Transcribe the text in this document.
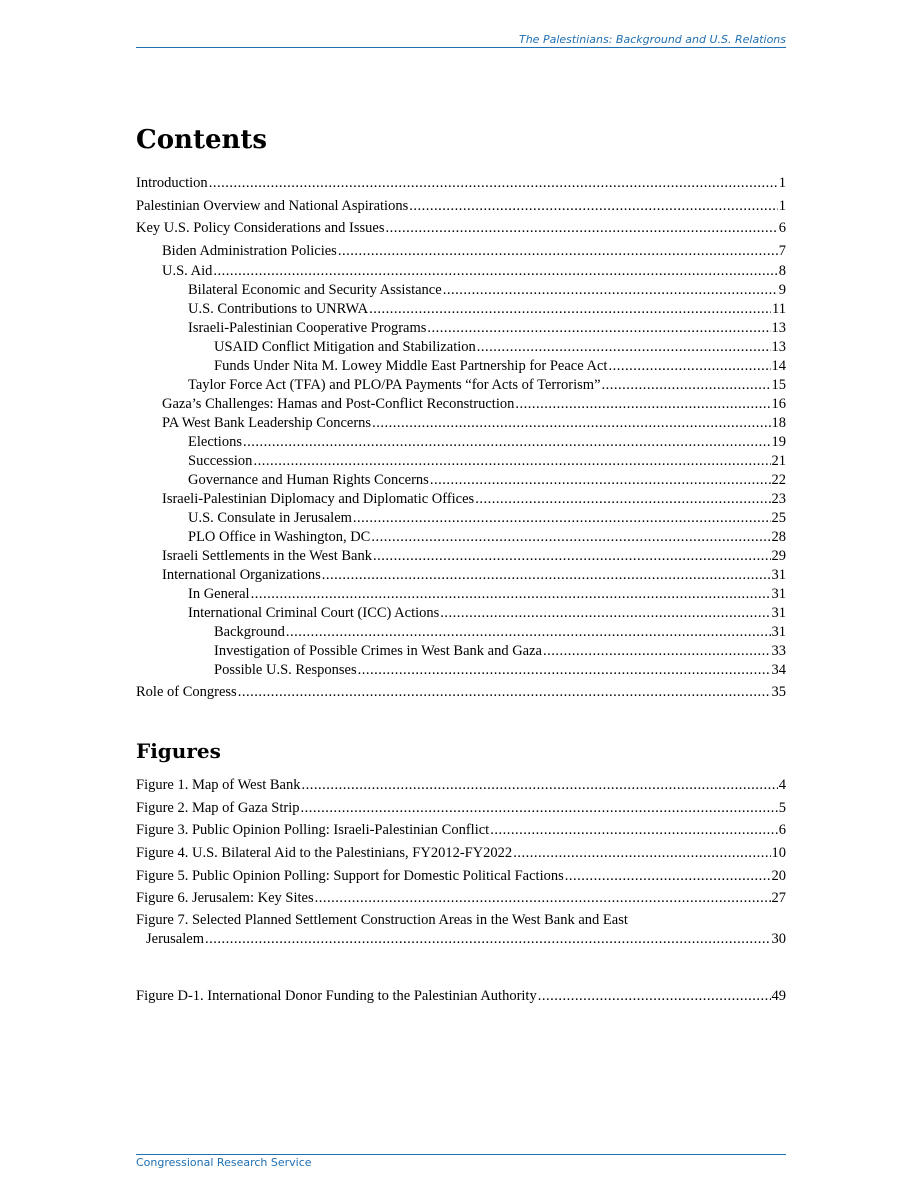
The Palestinians: Background and U.S. Relations
Contents
Introduction .....	1
Palestinian Overview and National Aspirations .....	1
Key U.S. Policy Considerations and Issues .....	6
Biden Administration Policies .....	7
U.S. Aid .....	8
Bilateral Economic and Security Assistance .....	9
U.S. Contributions to UNRWA .....	11
Israeli-Palestinian Cooperative Programs .....	13
USAID Conflict Mitigation and Stabilization .....	13
Funds Under Nita M. Lowey Middle East Partnership for Peace Act .....	14
Taylor Force Act (TFA) and PLO/PA Payments “for Acts of Terrorism” .....	15
Gaza’s Challenges: Hamas and Post-Conflict Reconstruction .....	16
PA West Bank Leadership Concerns .....	18
Elections .....	19
Succession .....	21
Governance and Human Rights Concerns .....	22
Israeli-Palestinian Diplomacy and Diplomatic Offices .....	23
U.S. Consulate in Jerusalem .....	25
PLO Office in Washington, DC .....	28
Israeli Settlements in the West Bank .....	29
International Organizations .....	31
In General .....	31
International Criminal Court (ICC) Actions .....	31
Background .....	31
Investigation of Possible Crimes in West Bank and Gaza .....	33
Possible U.S. Responses .....	34
Role of Congress .....	35
Figures
Figure 1. Map of West Bank .....	4
Figure 2. Map of Gaza Strip .....	5
Figure 3. Public Opinion Polling: Israeli-Palestinian Conflict .....	6
Figure 4. U.S. Bilateral Aid to the Palestinians, FY2012-FY2022 .....	10
Figure 5. Public Opinion Polling: Support for Domestic Political Factions .....	20
Figure 6. Jerusalem: Key Sites .....	27
Figure 7. Selected Planned Settlement Construction Areas in the West Bank and East
Jerusalem .....	30
Figure D-1. International Donor Funding to the Palestinian Authority .....	49
Congressional Research Service
